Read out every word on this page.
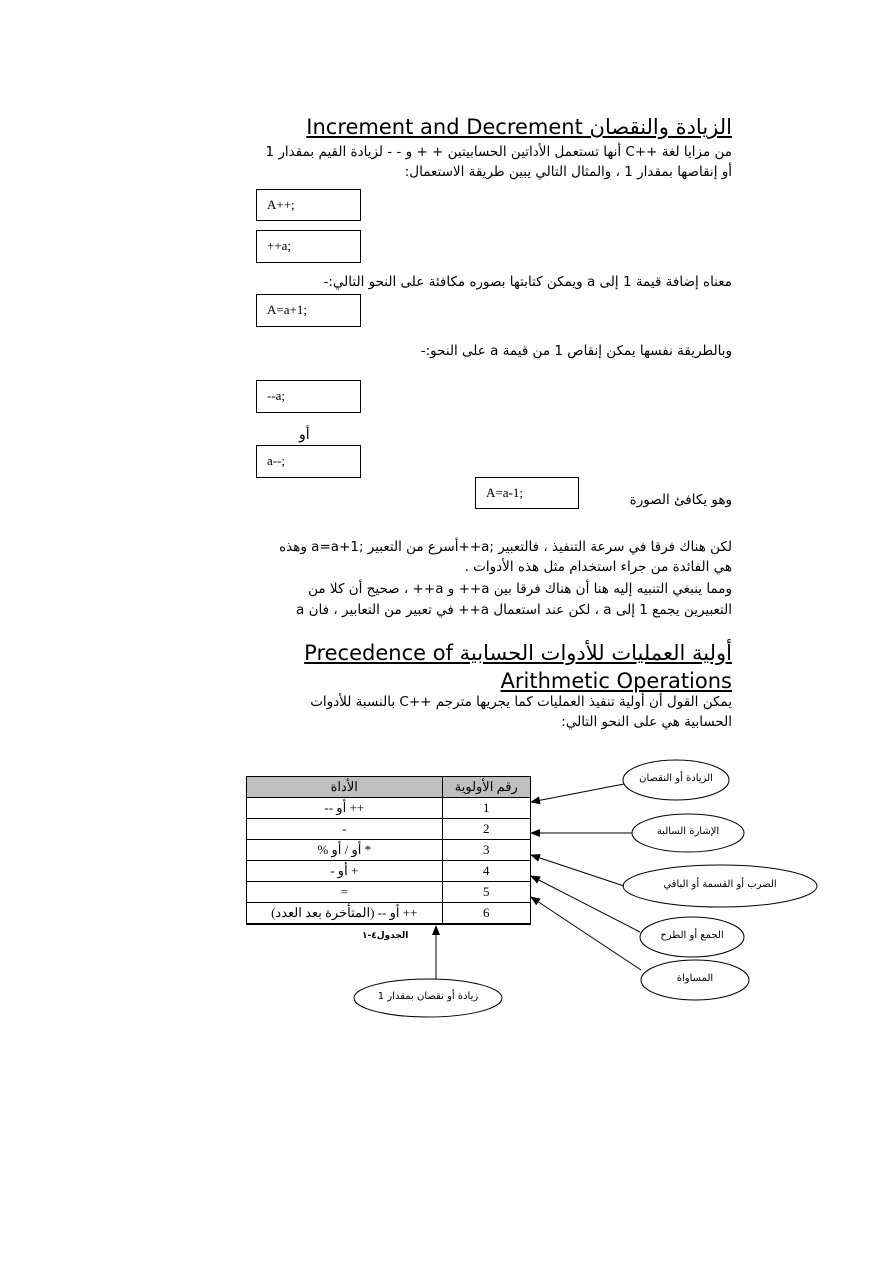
الزيادة والنقصان Increment and Decrement
من مزايا لغة ++C أنها تستعمل الأداتين الحسابيتين + + و - - لزيادة القيم بمقدار 1
أو إنقاصها بمقدار 1 ، والمثال التالي يبين طريقة الاستعمال:
A++;
++a;
معناه إضافة قيمة 1 إلى a ويمكن كتابتها بصوره مكافئة على النحو التالي:-
A=a+1;
وبالطريقة نفسها يمكن إنقاص 1 من قيمة a على النحو:-
--a;
أو
a--;
A=a-1;	وهو يكافئ الصورة
لكن هناك فرقا في سرعة التنفيذ ، فالتعبير ;a++أسرع من التعبير ;a=a+1 وهذه
هي الفائدة من جراء استخدام مثل هذه الأدوات .
ومما ينبغي التنبيه إليه هنا أن هناك فرقا بين a++ و a++ ، صحيح أن كلا من
التعبيرين يجمع 1 إلى a ، لكن عند استعمال a++ في تعبير من التعابير ، فان a
أولية العمليات للأدوات الحسابية Precedence of
Arithmetic Operations
يمكن القول أن أولية تنفيذ العمليات كما يجريها مترجم ++C بالنسبة للأدوات
الحسابية هي على النحو التالي:
الزيادة أو النقصان
الإشارة السالبة
الضرب أو القسمة أو الباقي
الجمع أو الطرح
المساواة
زيادة أو نقصان بمقدار 1
الأداة	رقم الأولوية
++ أو --	1
-	2
* أو / أو %	3
+ أو -	4
=	5
++ أو -- (المتأخرة بعد العدد)	6
الجدول٤-١
